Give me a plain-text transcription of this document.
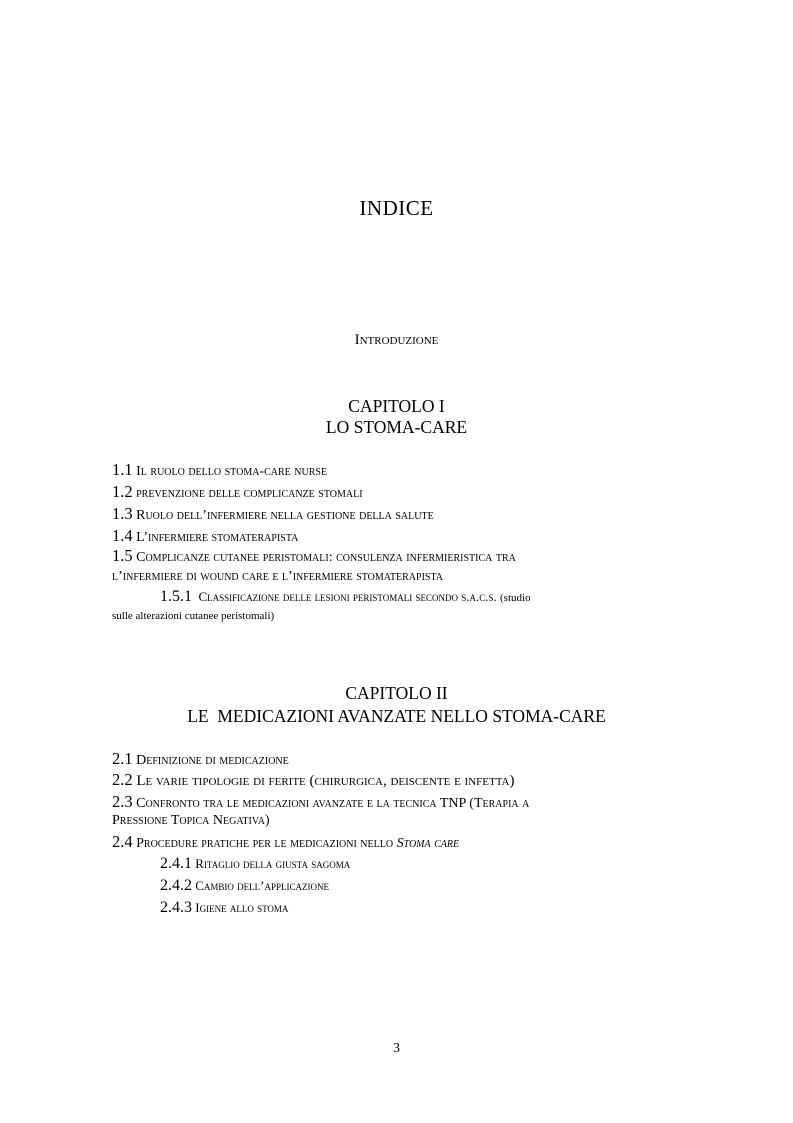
INDICE

Introduzione

CAPITOLO I

LO STOMA-CARE

1.1 Il ruolo dello stoma-care nurse

1.2 prevenzione delle complicanze stomali

1.3 Ruolo dell’infermiere nella gestione della salute

1.4 L’infermiere stomaterapista

1.5 Complicanze cutanee peristomali: consulenza infermieristica tra

l’infermiere di wound care e l’infermiere stomaterapista

1.5.1 Classificazione delle lesioni peristomali secondo s.a.c.s. (studio

sulle alterazioni cutanee peristomali)

CAPITOLO II

LE  MEDICAZIONI AVANZATE NELLO STOMA-CARE

2.1 Definizione di medicazione

2.2 Le varie tipologie di ferite (chirurgica, deiscente e infetta)

2.3 Confronto tra le medicazioni avanzate e la tecnica TNP (Terapia a

Pressione Topica Negativa)

2.4 Procedure pratiche per le medicazioni nello Stoma care

2.4.1 Ritaglio della giusta sagoma

2.4.2 Cambio dell’applicazione

2.4.3 Igiene allo stoma

3
